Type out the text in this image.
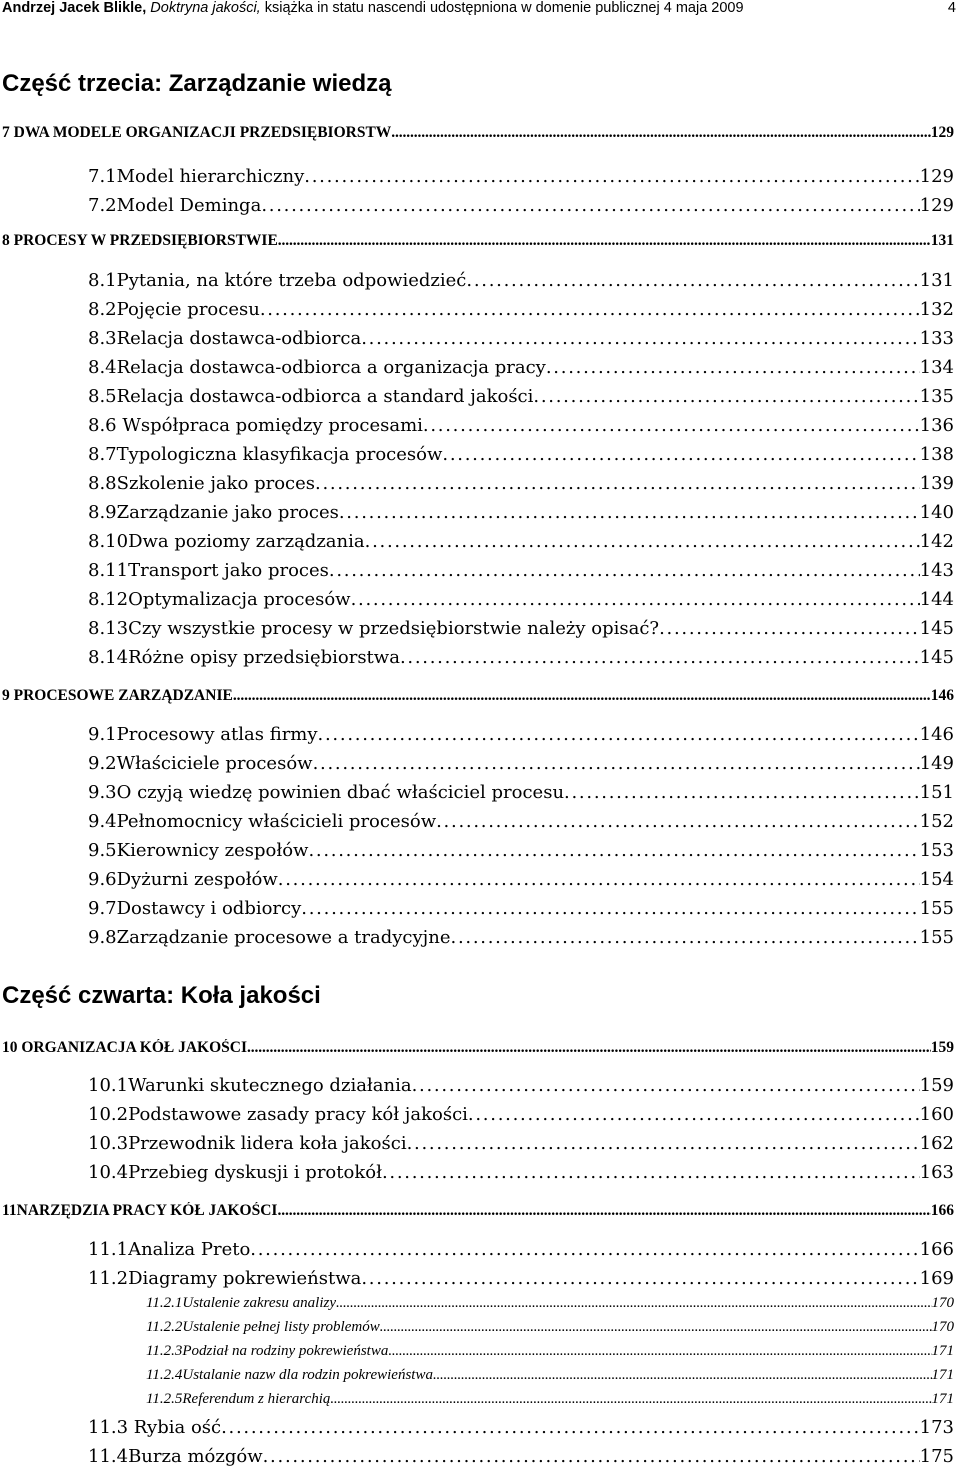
Andrzej Jacek Blikle, Doktryna jakości, książka in statu nascendi udostępniona w domenie publicznej 4 maja 2009	4
Część trzecia: Zarządzanie wiedzą
7 DWA MODELE ORGANIZACJI PRZEDSIĘBIORSTW . . .	129
7.1Model hierarchiczny . . .	129
7.2Model Deminga . . .	129
8 PROCESY W PRZEDSIĘBIORSTWIE . . .	131
8.1Pytania, na które trzeba odpowiedzieć . . .	131
8.2Pojęcie procesu . . .	132
8.3Relacja dostawca-odbiorca . . .	133
8.4Relacja dostawca-odbiorca a organizacja pracy . . .	134
8.5Relacja dostawca-odbiorca a standard jakości . . .	135
8.6 Współpraca pomiędzy procesami . . .	136
8.7Typologiczna klasyfikacja procesów . . .	138
8.8Szkolenie jako proces . . .	139
8.9Zarządzanie jako proces . . .	140
8.10Dwa poziomy zarządzania . . .	142
8.11Transport jako proces . . .	143
8.12Optymalizacja procesów . . .	144
8.13Czy wszystkie procesy w przedsiębiorstwie należy opisać? . . .	145
8.14Różne opisy przedsiębiorstwa . . .	145
9 PROCESOWE ZARZĄDZANIE . . .	146
9.1Procesowy atlas firmy . . .	146
9.2Właściciele procesów . . .	149
9.3O czyją wiedzę powinien dbać właściciel procesu . . .	151
9.4Pełnomocnicy właścicieli procesów . . .	152
9.5Kierownicy zespołów . . .	153
9.6Dyżurni zespołów . . .	154
9.7Dostawcy i odbiorcy . . .	155
9.8Zarządzanie procesowe a tradycyjne . . .	155
Część czwarta: Koła jakości
10 ORGANIZACJA KÓŁ JAKOŚCI . . .	159
10.1Warunki skutecznego działania . . .	159
10.2Podstawowe zasady pracy kół jakości . . .	160
10.3Przewodnik lidera koła jakości . . .	162
10.4Przebieg dyskusji i protokół . . .	163
11NARZĘDZIA PRACY KÓŁ JAKOŚCI . . .	166
11.1Analiza Preto . . .	166
11.2Diagramy pokrewieństwa . . .	169
11.2.1Ustalenie zakresu analizy . . .	170
11.2.2Ustalenie pełnej listy problemów . . .	170
11.2.3Podział na rodziny pokrewieństwa . . .	171
11.2.4Ustalanie nazw dla rodzin pokrewieństwa . . .	171
11.2.5Referendum z hierarchią . . .	171
11.3 Rybia ość . . .	173
11.4Burza mózgów . . .	175
